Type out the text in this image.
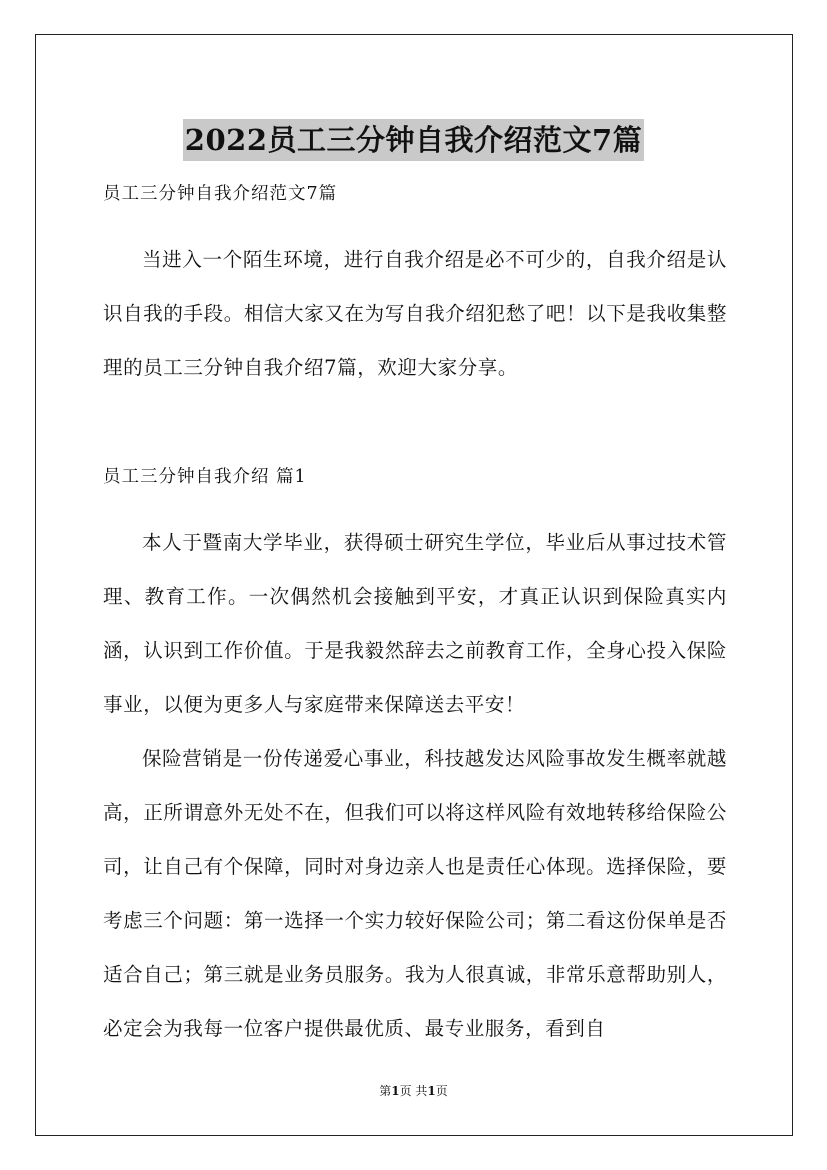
2022员工三分钟自我介绍范文7篇

员工三分钟自我介绍范文7篇

当进入一个陌生环境，进行自我介绍是必不可少的，自我介绍是认识自我的手段。相信大家又在为写自我介绍犯愁了吧！以下是我收集整理的员工三分钟自我介绍7篇，欢迎大家分享。

员工三分钟自我介绍 篇1

本人于暨南大学毕业，获得硕士研究生学位，毕业后从事过技术管理、教育工作。一次偶然机会接触到平安，才真正认识到保险真实内涵，认识到工作价值。于是我毅然辞去之前教育工作，全身心投入保险事业，以便为更多人与家庭带来保障送去平安！

保险营销是一份传递爱心事业，科技越发达风险事故发生概率就越高，正所谓意外无处不在，但我们可以将这样风险有效地转移给保险公司，让自己有个保障，同时对身边亲人也是责任心体现。选择保险，要考虑三个问题：第一选择一个实力较好保险公司；第二看这份保单是否适合自己；第三就是业务员服务。我为人很真诚，非常乐意帮助别人，必定会为我每一位客户提供最优质、最专业服务，看到自

第1页 共1页
